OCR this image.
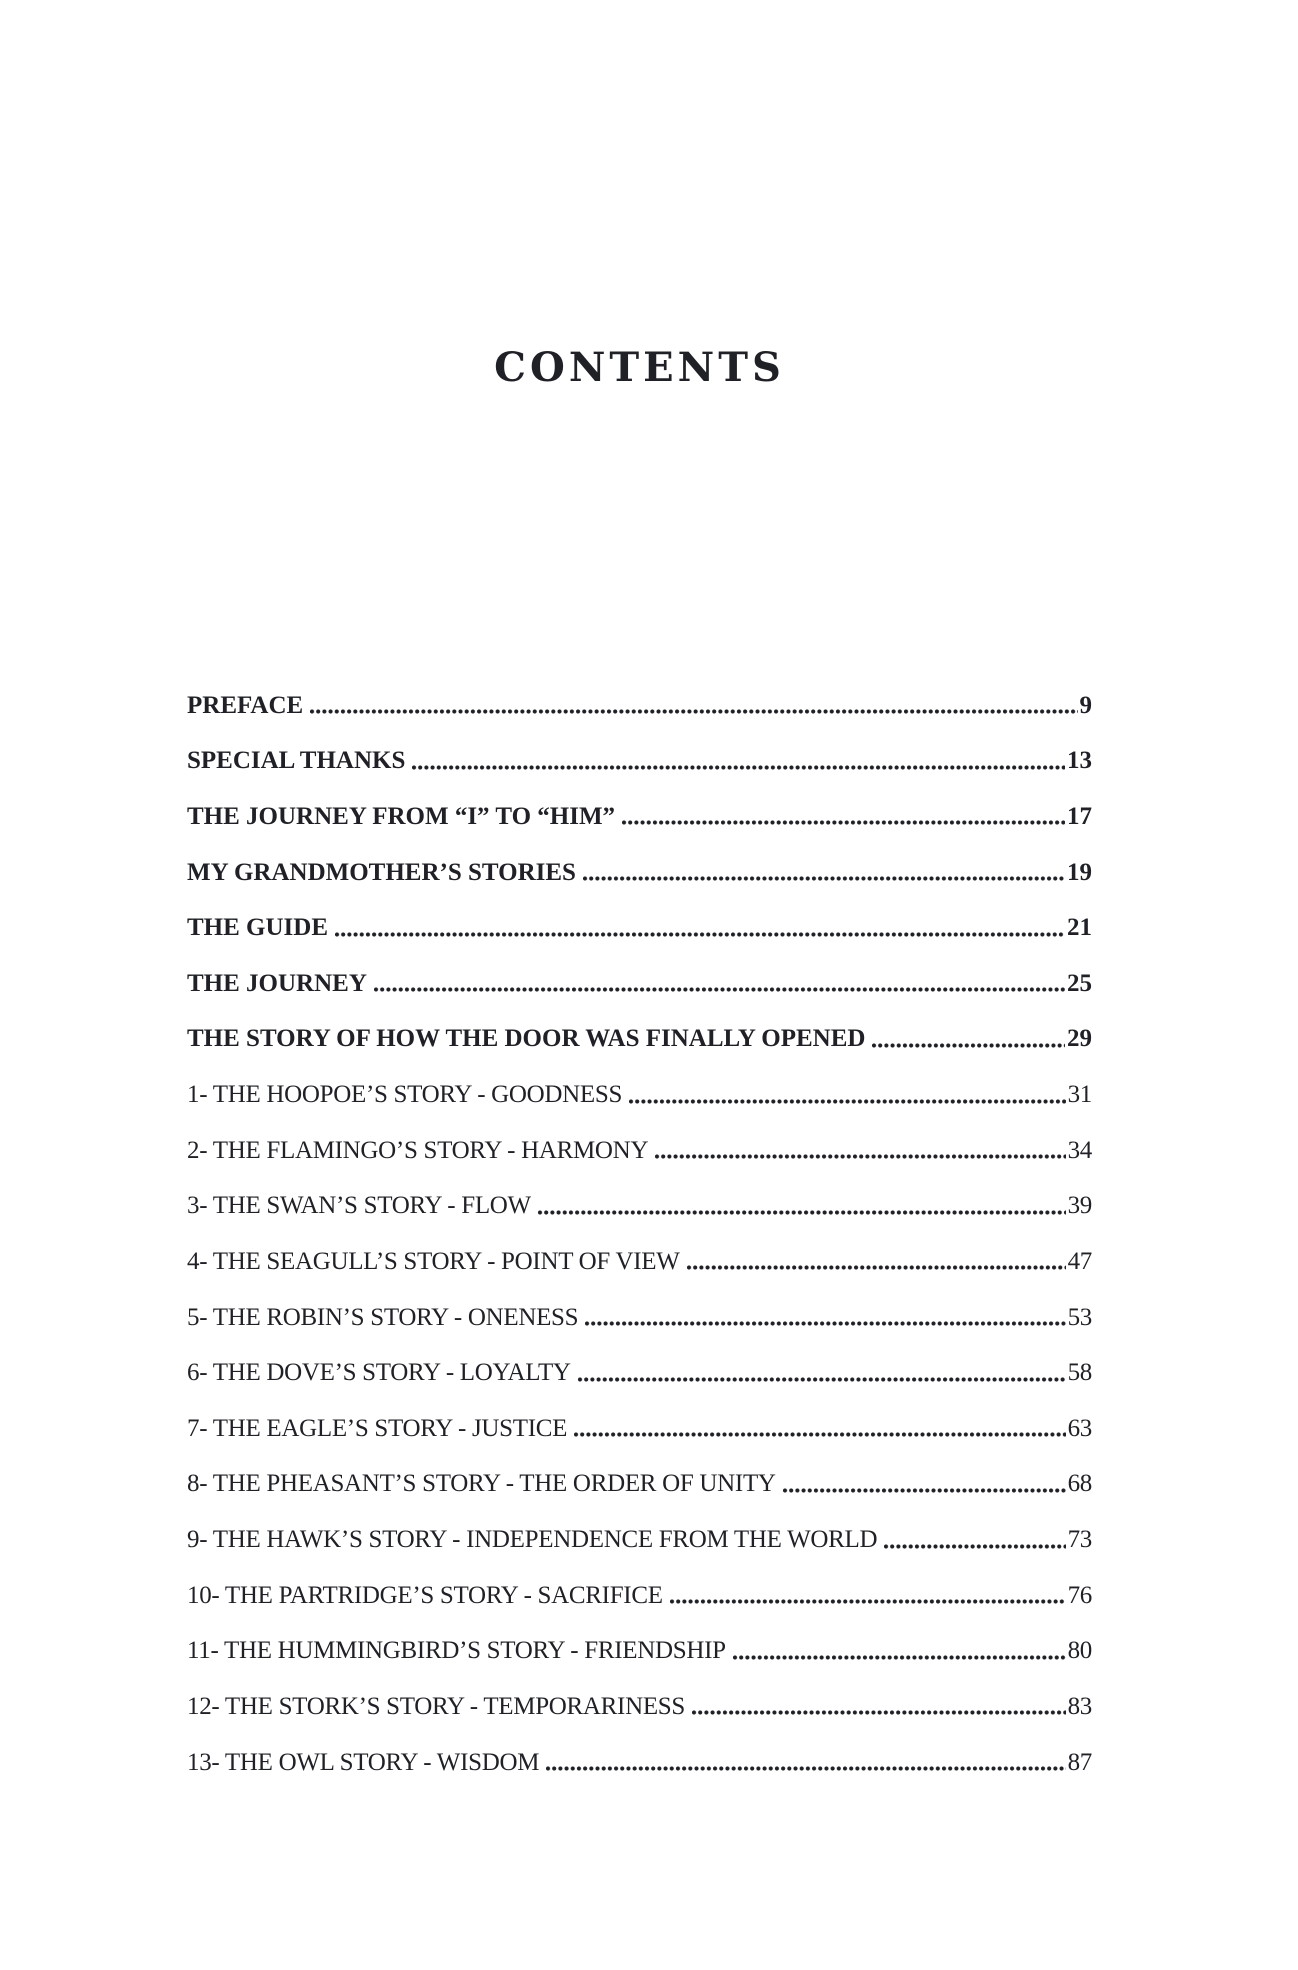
CONTENTS
PREFACE	9
SPECIAL THANKS	13
THE JOURNEY FROM “I” TO “HIM”	17
MY GRANDMOTHER’S STORIES	19
THE GUIDE	21
THE JOURNEY	25
THE STORY OF HOW THE DOOR WAS FINALLY OPENED	29
1- THE HOOPOE’S STORY - GOODNESS	31
2- THE FLAMINGO’S STORY - HARMONY	34
3- THE SWAN’S STORY - FLOW	39
4- THE SEAGULL’S STORY - POINT OF VIEW	47
5- THE ROBIN’S STORY - ONENESS	53
6- THE DOVE’S STORY - LOYALTY	58
7- THE EAGLE’S STORY - JUSTICE	63
8- THE PHEASANT’S STORY - THE ORDER OF UNITY	68
9- THE HAWK’S STORY - INDEPENDENCE FROM THE WORLD	73
10- THE PARTRIDGE’S STORY - SACRIFICE	76
11- THE HUMMINGBIRD’S STORY - FRIENDSHIP	80
12- THE STORK’S STORY - TEMPORARINESS	83
13- THE OWL STORY - WISDOM	87
